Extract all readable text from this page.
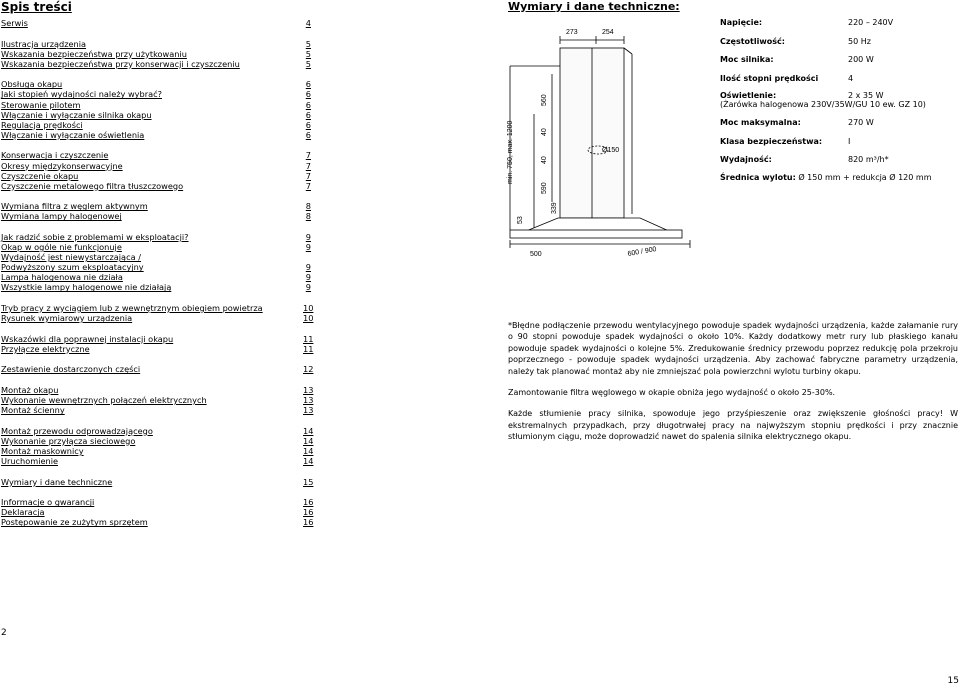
Spis treści
Serwis	4
Ilustracja urządzenia	5
Wskazania bezpieczeństwa przy użytkowaniu	5
Wskazania bezpieczeństwa przy konserwacji i czyszczeniu	5
Obsługa okapu	6
Jaki stopień wydajności należy wybrać?	6
Sterowanie pilotem	6
Włączanie i wyłączanie silnika okapu	6
Regulacja prędkości	6
Włączanie i wyłączanie oświetlenia	6
Konserwacja i czyszczenie	7
Okresy międzykonserwacyjne	7
Czyszczenie okapu	7
Czyszczenie metalowego filtra tłuszczowego	7
Wymiana filtra z węglem aktywnym	8
Wymiana lampy halogenowej	8
Jak radzić sobie z problemami w eksploatacji?	9
Okap w ogóle nie funkcjonuje	9
Wydajność jest niewystarczająca /
Podwyższony szum eksploatacyjny	9
Lampa halogenowa nie działa	9
Wszystkie lampy halogenowe nie działają	9
Tryb pracy z wyciągiem lub z wewnętrznym obiegiem powietrza	10
Rysunek wymiarowy urządzenia	10
Wskazówki dla poprawnej instalacji okapu	11
Przyłącze elektryczne	11
Zestawienie dostarczonych części	12
Montaż okapu	13
Wykonanie wewnętrznych połączeń elektrycznych	13
Montaż ścienny	13
Montaż przewodu odprowadzającego	14
Wykonanie przyłącza sieciowego	14
Montaż maskownicy	14
Uruchomienie	14
Wymiary i dane techniczne	15
Informacje o gwarancji	16
Deklaracja	16
Postępowanie ze zużytym sprzętem	16
2
15
Wymiary i dane techniczne:
273	254
560
40
40
590
339
min. 750, max. 1200
53
500	600 / 900
Ø150
Napięcie:	220 – 240V
Częstotliwość:	50 Hz
Moc silnika:	200 W
Ilość stopni prędkości	4
Oświetlenie:	2 x 35 W
(Żarówka halogenowa 230V/35W/GU 10 ew. GZ 10)
Moc maksymalna:	270 W
Klasa bezpieczeństwa:	I
Wydajność:	820 m³/h*
Średnica wylotu: Ø 150 mm + redukcja Ø 120 mm

*Błędne podłączenie przewodu wentylacyjnego powoduje spadek wydajności urządzenia, każde załamanie rury o 90 stopni powoduje spadek wydajności o około 10%. Każdy dodatkowy metr rury lub płaskiego kanału powoduje spadek wydajności o kolejne 5%. Zredukowanie średnicy przewodu poprzez redukcję pola przekroju poprzecznego - powoduje spadek wydajności urządzenia. Aby zachować fabryczne parametry urządzenia, należy tak planować montaż aby nie zmniejszać pola powierzchni wylotu turbiny okapu.

Zamontowanie filtra węglowego w okapie obniża jego wydajność o około 25-30%.

Każde stłumienie pracy silnika, spowoduje jego przyśpieszenie oraz zwiększenie głośności pracy! W ekstremalnych przypadkach, przy długotrwałej pracy na najwyższym stopniu prędkości i przy znacznie stłumionym ciągu, może doprowadzić nawet do spalenia silnika elektrycznego okapu.
